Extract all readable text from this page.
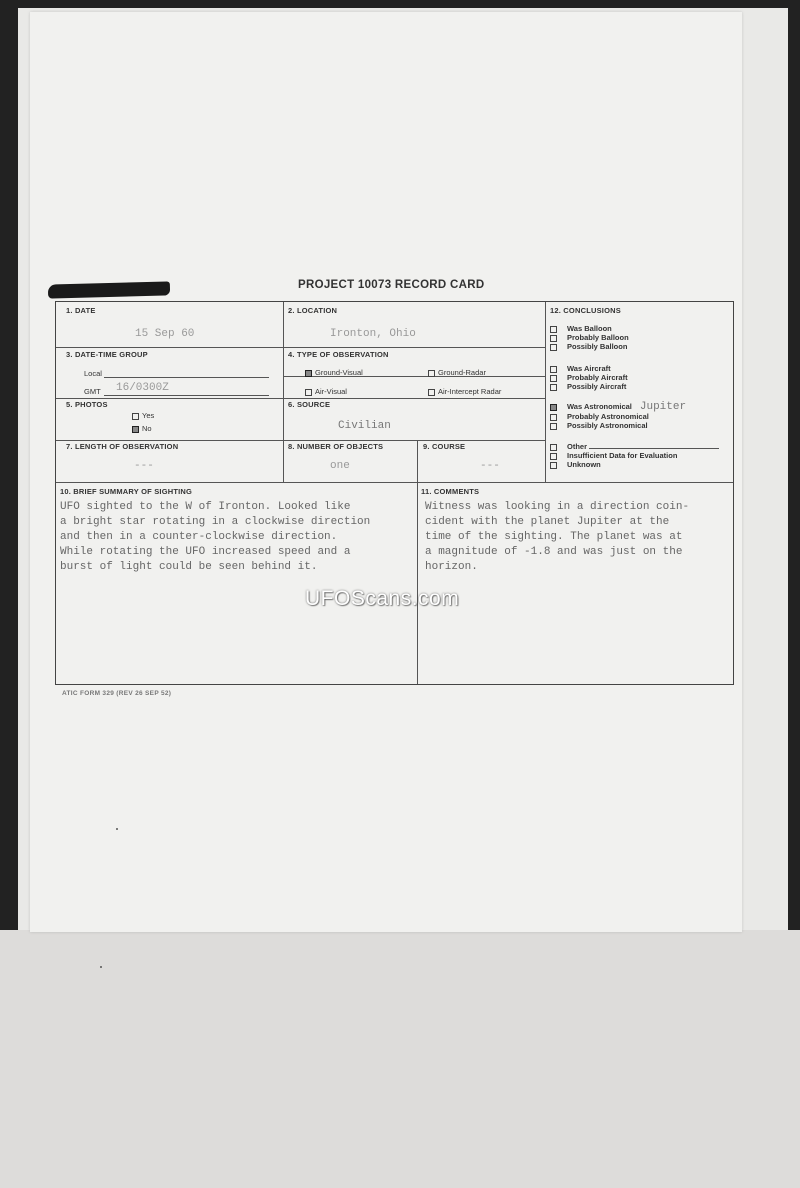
PROJECT 10073 RECORD CARD
1. DATE
15 Sep 60
2. LOCATION
Ironton, Ohio
3. DATE-TIME GROUP
Local
GMT 16/0300Z
4. TYPE OF OBSERVATION
Ground-Visual	Ground-Radar
Air-Visual	Air-Intercept Radar
5. PHOTOS
Yes
No
6. SOURCE
Civilian
7. LENGTH OF OBSERVATION
---
8. NUMBER OF OBJECTS
one
9. COURSE
---
10. BRIEF SUMMARY OF SIGHTING
UFO sighted to the W of Ironton. Looked like
a bright star rotating in a clockwise direction
and then in a counter-clockwise direction.
While rotating the UFO increased speed and a
burst of light could be seen behind it.
11. COMMENTS
Witness was looking in a direction coin-
cident with the planet Jupiter at the
time of the sighting. The planet was at
a magnitude of -1.8 and was just on the
horizon.
12. CONCLUSIONS
Was Balloon
Probably Balloon
Possibly Balloon
Was Aircraft
Probably Aircraft
Possibly Aircraft
Was Astronomical Jupiter
Probably Astronomical
Possibly Astronomical
Other
Insufficient Data for Evaluation
Unknown
ATIC FORM 329 (REV 26 SEP 52)
UFOScans.com
